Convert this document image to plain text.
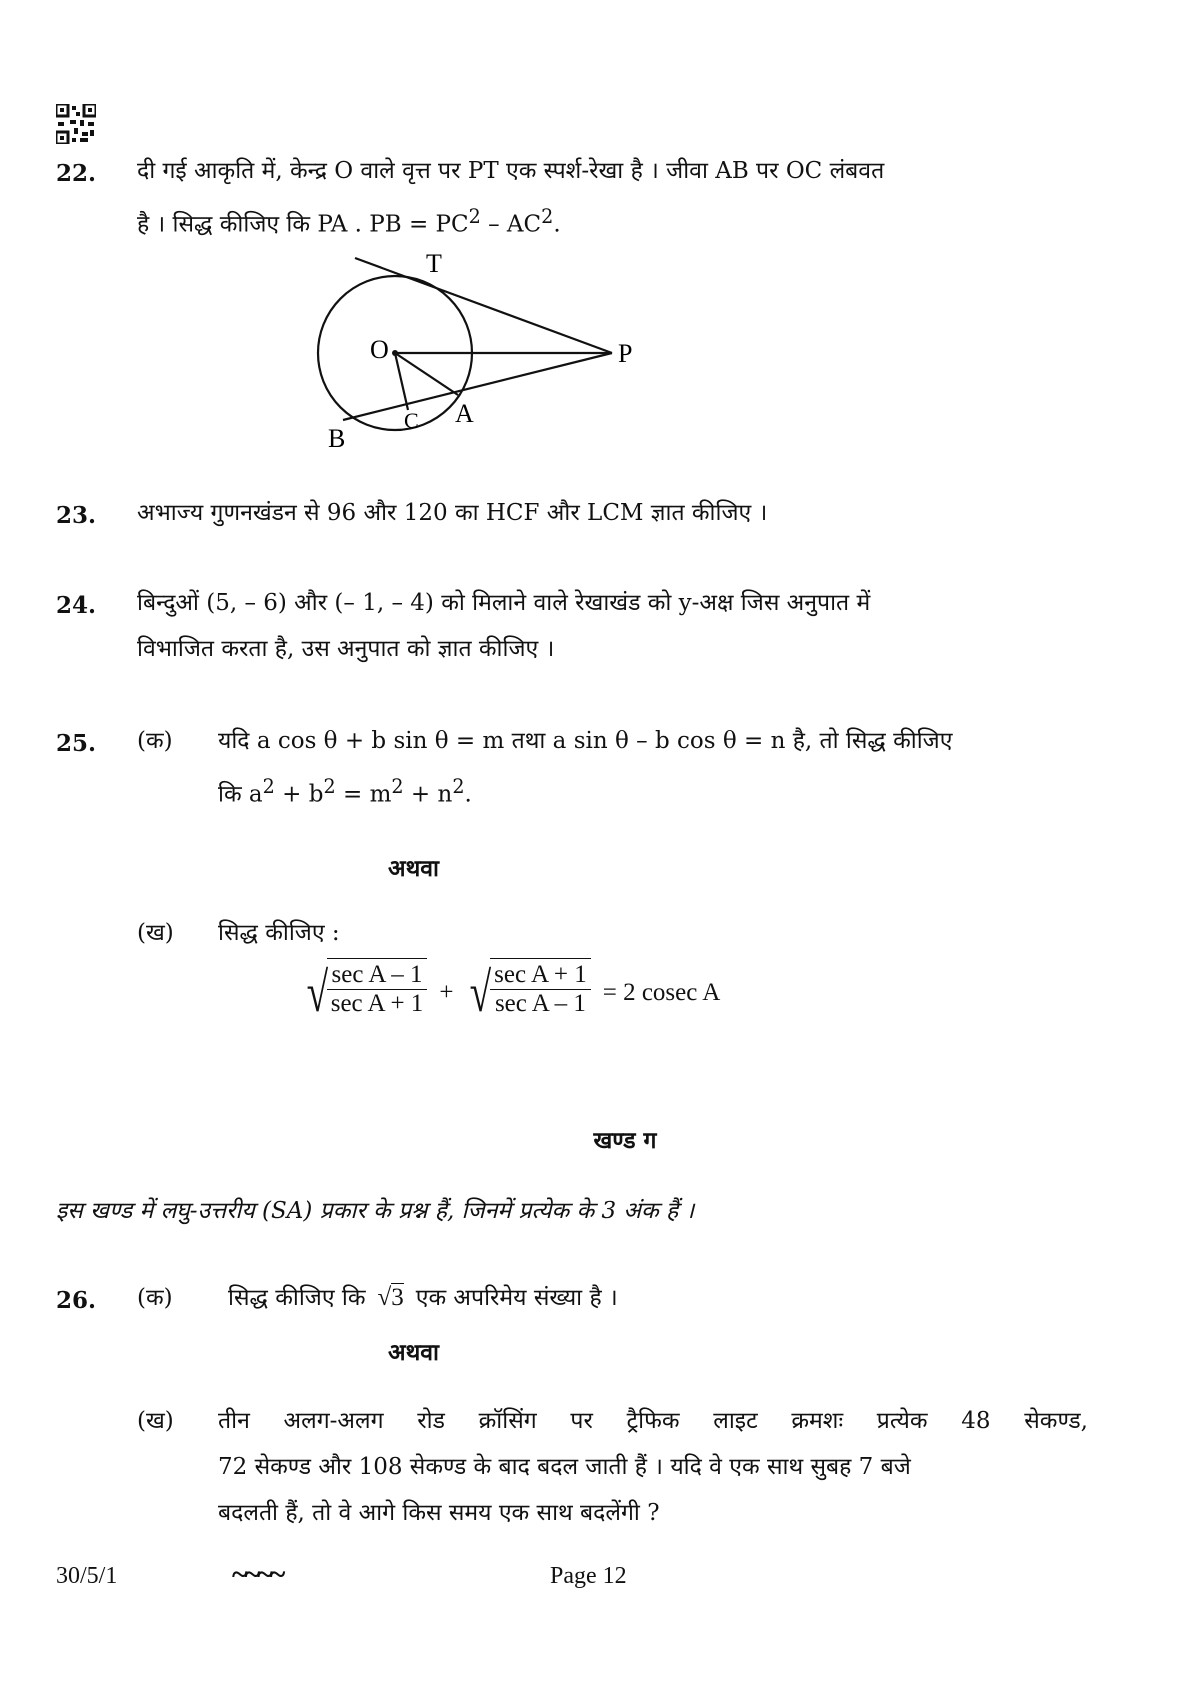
22. दी गई आकृति में, केन्द्र O वाले वृत्त पर PT एक स्पर्श-रेखा है । जीवा AB पर OC लंबवत
है । सिद्ध कीजिए कि PA . PB = $PC^2 - AC^2$.
T
O	P
A
B
C
23. अभाज्य गुणनखंडन से 96 और 120 का HCF और LCM ज्ञात कीजिए ।
24. बिन्दुओं (5, – 6) और (– 1, – 4) को मिलाने वाले रेखाखंड को y-अक्ष जिस अनुपात में
विभाजित करता है, उस अनुपात को ज्ञात कीजिए ।
25. (क) यदि a cos θ + b sin θ = m तथा a sin θ – b cos θ = n है, तो सिद्ध कीजिए
कि $a^2 + b^2 = m^2 + n^2$.
अथवा
(ख) सिद्ध कीजिए :
√
$\frac{\text{sec A – 1}}{\text{sec A + 1}}$ + √
$\frac{\text{sec A + 1}}{\text{sec A – 1}} = 2$ cosec A
खण्ड ग
इस खण्ड में लघु-उत्तरीय (SA) प्रकार के प्रश्न हैं, जिनमें प्रत्येक के 3 अंक हैं ।
26. (क) सिद्ध कीजिए कि √3 एक अपरिमेय संख्या है ।
अथवा
(ख) तीन अलग-अलग रोड क्रॉसिंग पर ट्रैफिक लाइट क्रमशः प्रत्येक 48 सेकण्ड,
72 सेकण्ड और 108 सेकण्ड के बाद बदल जाती हैं । यदि वे एक साथ सुबह 7 बजे
बदलती हैं, तो वे आगे किस समय एक साथ बदलेंगी ?
30/5/1	~~~~	Page 12
